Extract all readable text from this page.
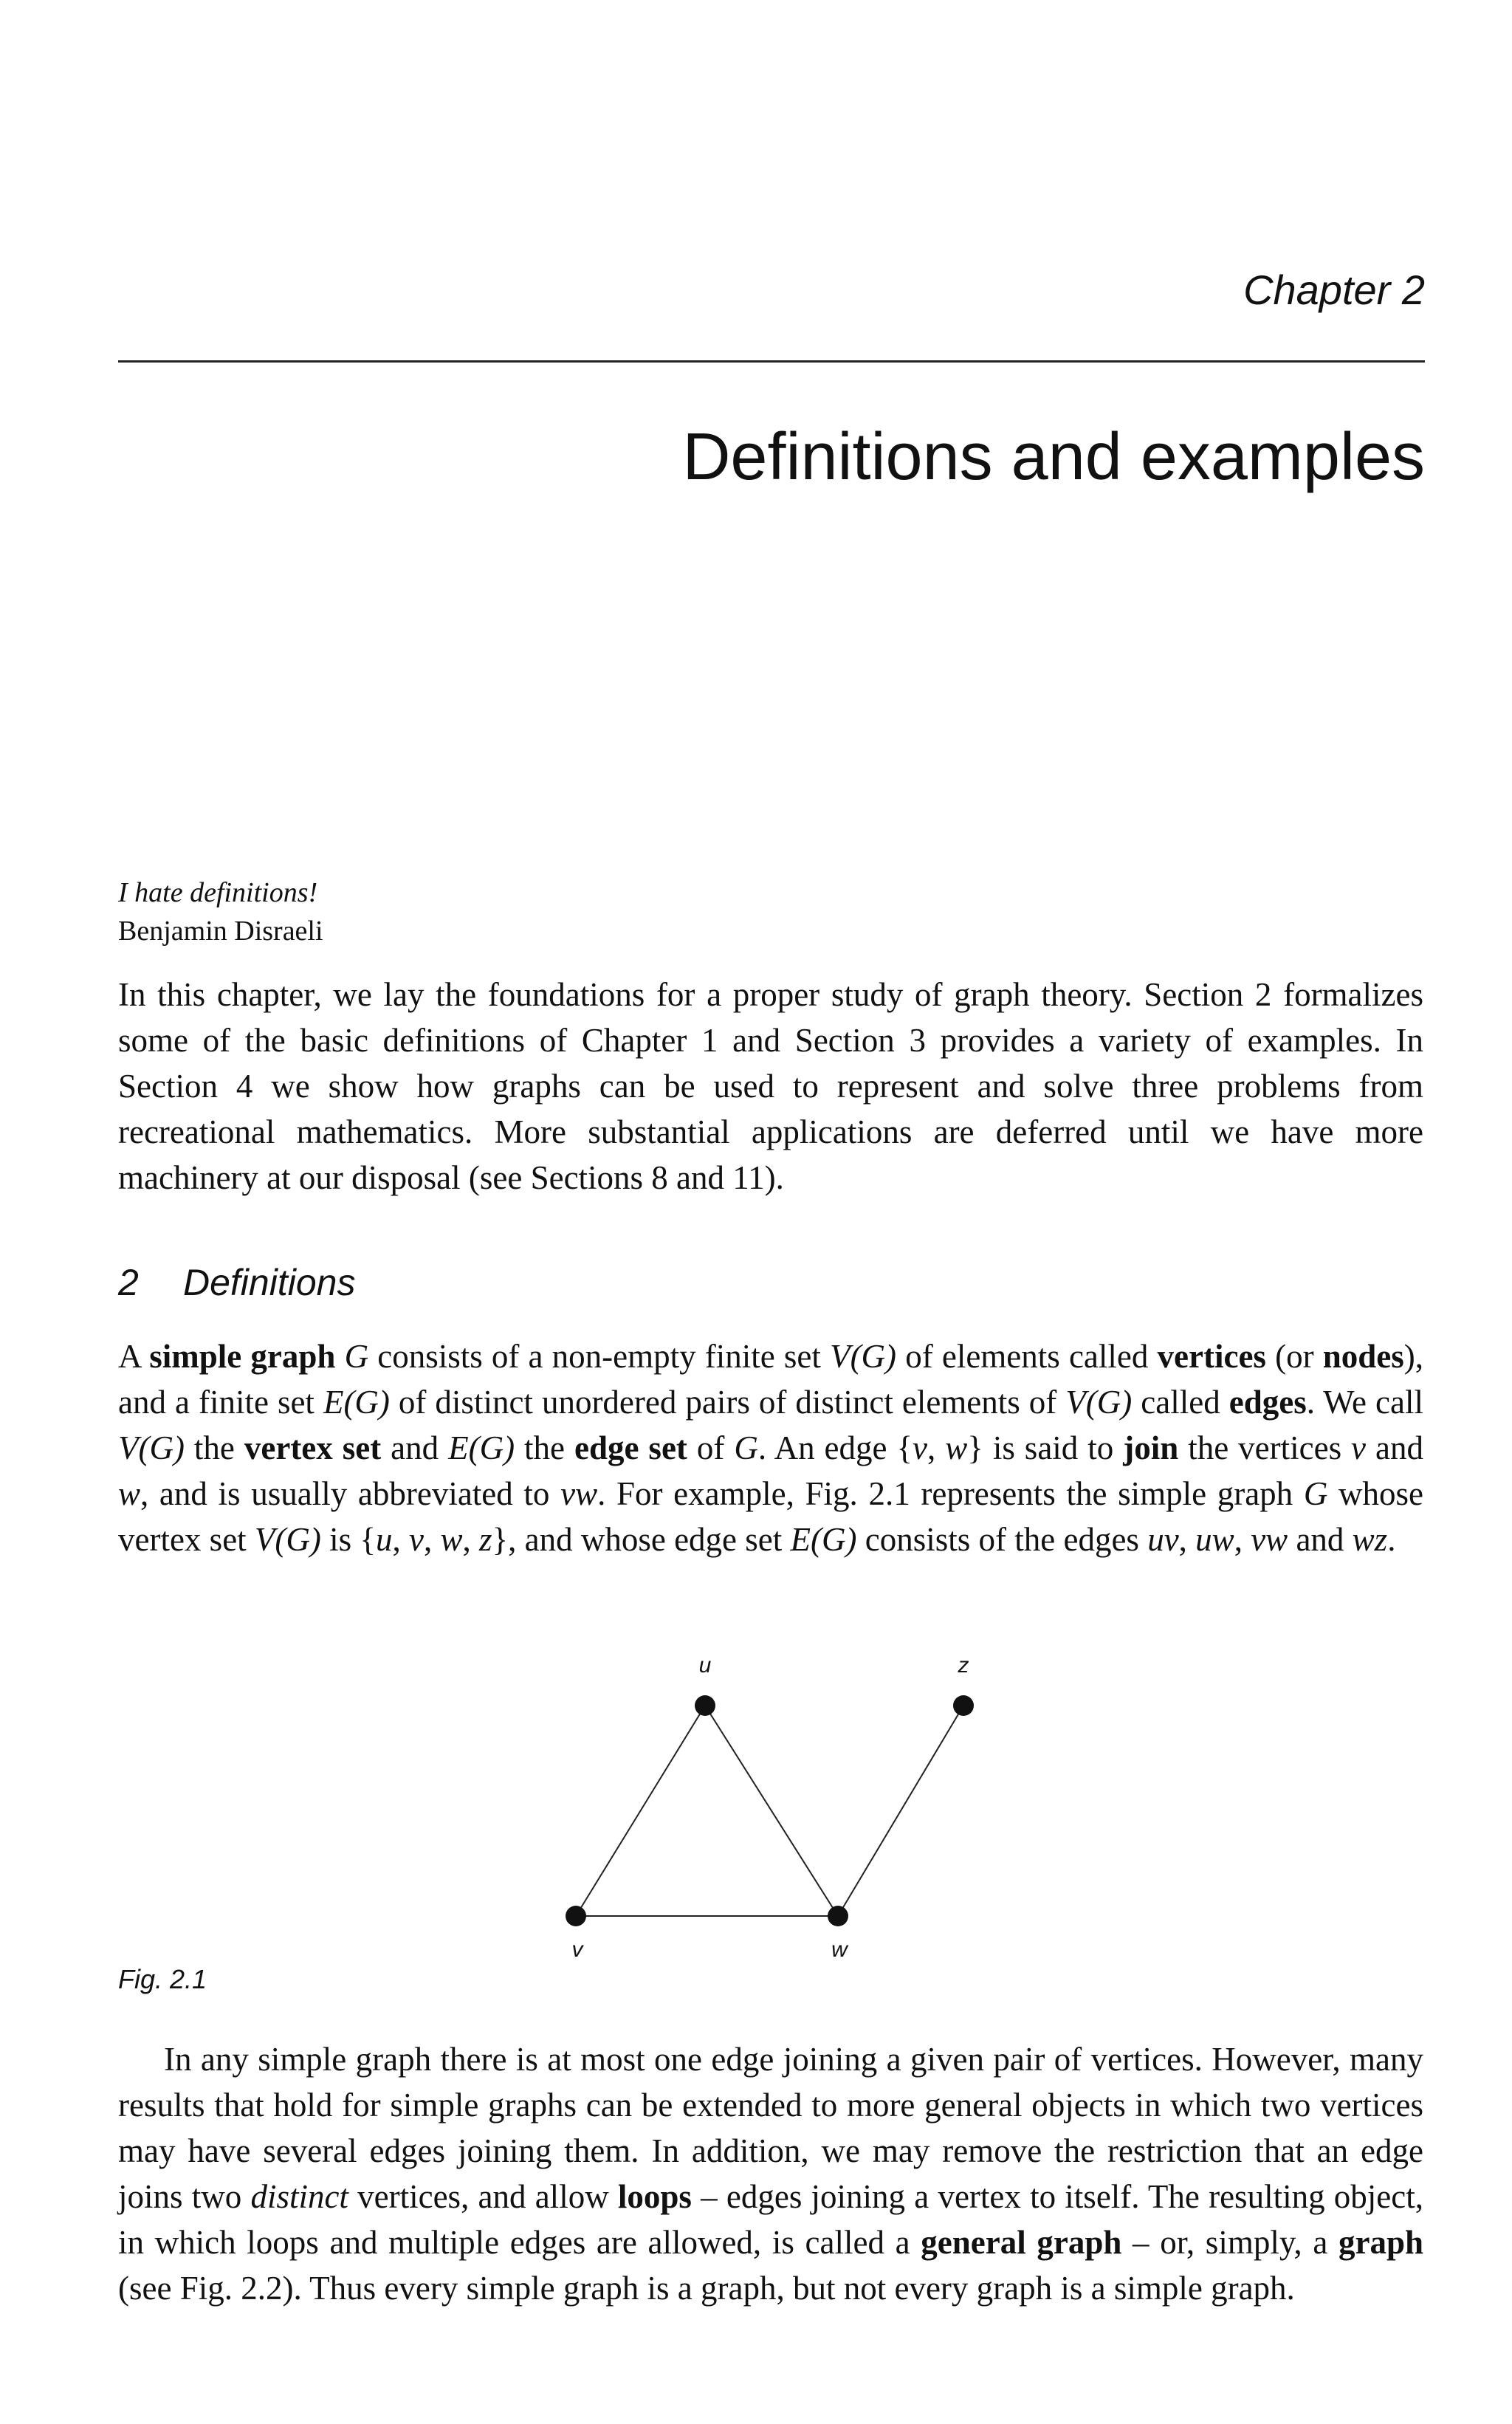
Chapter 2
Definitions and examples
I hate definitions!
Benjamin Disraeli

In this chapter, we lay the foundations for a proper study of graph theory. Section 2 formalizes some of the basic definitions of Chapter 1 and Section 3 provides a variety of examples. In Section 4 we show how graphs can be used to represent and solve three problems from recreational mathematics. More substantial applications are deferred until we have more machinery at our disposal (see Sections 8 and 11).

2 Definitions

A simple graph G consists of a non-empty finite set V(G) of elements called vertices (or nodes), and a finite set E(G) of distinct unordered pairs of distinct elements of V(G) called edges. We call V(G) the vertex set and E(G) the edge set of G. An edge {v, w} is said to join the vertices v and w, and is usually abbreviated to vw. For example, Fig. 2.1 represents the simple graph G whose vertex set V(G) is {u, v, w, z}, and whose edge set E(G) consists of the edges uv, uw, vw and wz.

u	z
v	w
Fig. 2.1

In any simple graph there is at most one edge joining a given pair of vertices. However, many results that hold for simple graphs can be extended to more general objects in which two vertices may have several edges joining them. In addition, we may remove the restriction that an edge joins two distinct vertices, and allow loops – edges joining a vertex to itself. The resulting object, in which loops and multiple edges are allowed, is called a general graph – or, simply, a graph (see Fig. 2.2). Thus every simple graph is a graph, but not every graph is a simple graph.
